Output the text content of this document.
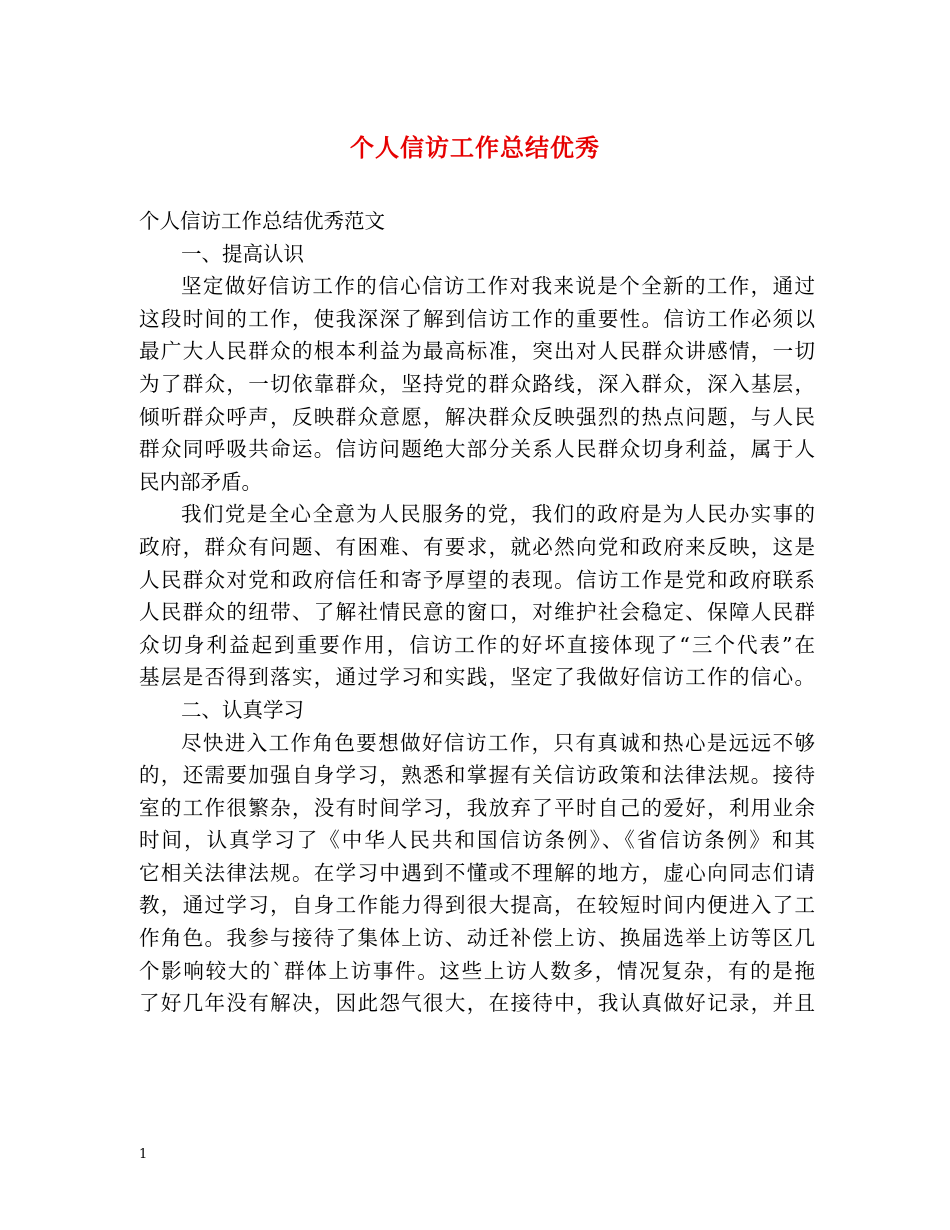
个人信访工作总结优秀
个人信访工作总结优秀范文
一、提高认识
坚定做好信访工作的信心信访工作对我来说是个全新的工作，通过
这段时间的工作，使我深深了解到信访工作的重要性。信访工作必须以
最广大人民群众的根本利益为最高标准，突出对人民群众讲感情，一切
为了群众，一切依靠群众，坚持党的群众路线，深入群众，深入基层，
倾听群众呼声，反映群众意愿，解决群众反映强烈的热点问题，与人民
群众同呼吸共命运。信访问题绝大部分关系人民群众切身利益，属于人
民内部矛盾。
我们党是全心全意为人民服务的党，我们的政府是为人民办实事的
政府，群众有问题、有困难、有要求，就必然向党和政府来反映，这是
人民群众对党和政府信任和寄予厚望的表现。信访工作是党和政府联系
人民群众的纽带、了解社情民意的窗口，对维护社会稳定、保障人民群
众切身利益起到重要作用，信访工作的好坏直接体现了“三个代表”在
基层是否得到落实，通过学习和实践，坚定了我做好信访工作的信心。
二、认真学习
尽快进入工作角色要想做好信访工作，只有真诚和热心是远远不够
的，还需要加强自身学习，熟悉和掌握有关信访政策和法律法规。接待
室的工作很繁杂，没有时间学习，我放弃了平时自己的爱好，利用业余
时间，认真学习了《中华人民共和国信访条例》、《省信访条例》和其
它相关法律法规。在学习中遇到不懂或不理解的地方，虚心向同志们请
教，通过学习，自身工作能力得到很大提高，在较短时间内便进入了工
作角色。我参与接待了集体上访、动迁补偿上访、换届选举上访等区几
个影响较大的`群体上访事件。这些上访人数多，情况复杂，有的是拖
了好几年没有解决，因此怨气很大，在接待中，我认真做好记录，并且
1
